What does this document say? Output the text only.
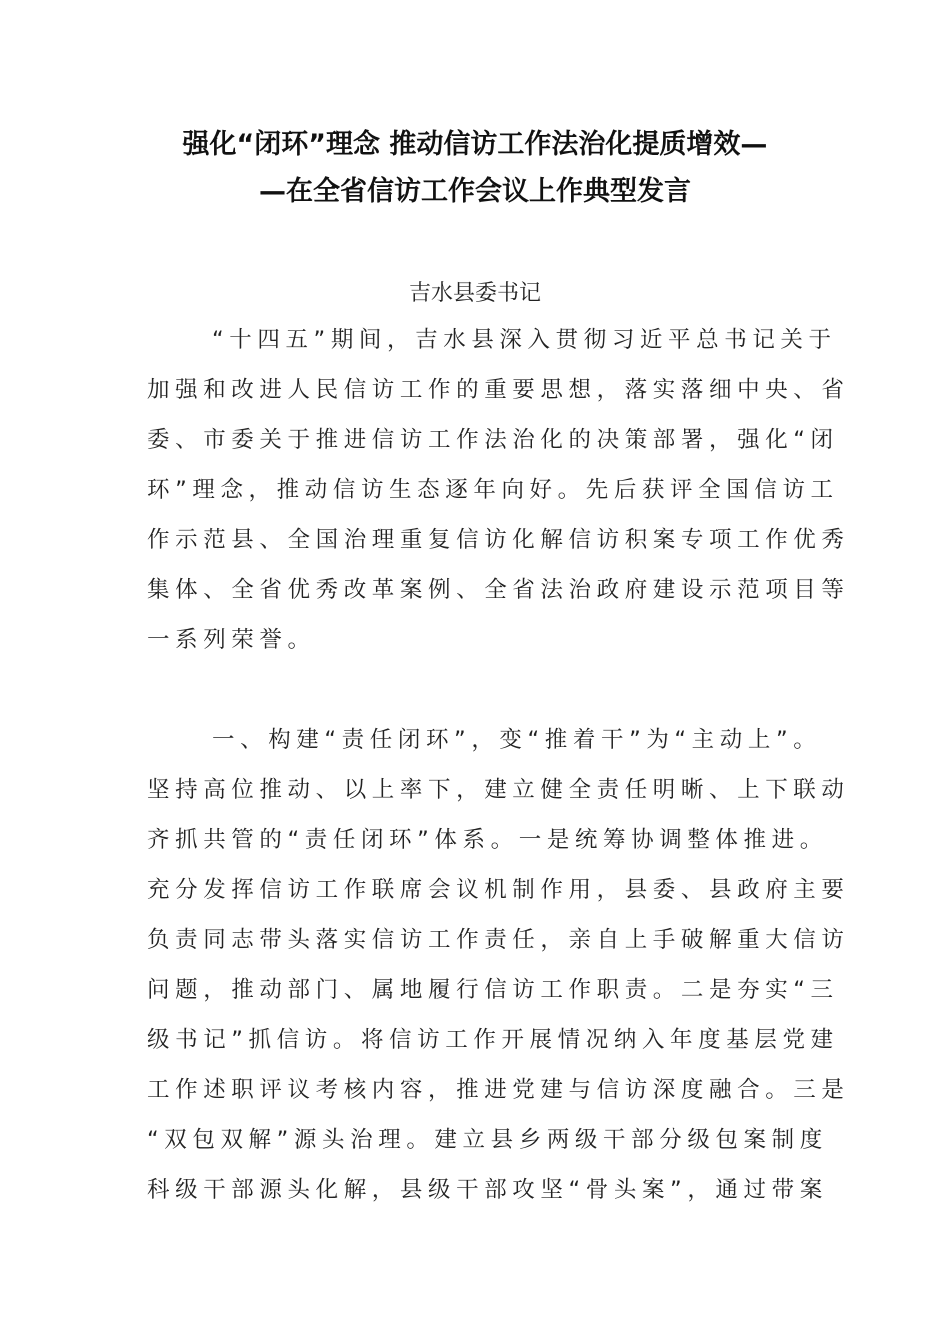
强化“闭环”理念 推动信访工作法治化提质增效—
—在全省信访工作会议上作典型发言
吉水县委书记
“十四五”期间，吉水县深入贯彻习近平总书记关于
加强和改进人民信访工作的重要思想，落实落细中央、省
委、市委关于推进信访工作法治化的决策部署，强化“闭
环”理念，推动信访生态逐年向好。先后获评全国信访工
作示范县、全国治理重复信访化解信访积案专项工作优秀
集体、全省优秀改革案例、全省法治政府建设示范项目等
一系列荣誉。
一、构建“责任闭环”，变“推着干”为“主动上”。
坚持高位推动、以上率下，建立健全责任明晰、上下联动
齐抓共管的“责任闭环”体系。一是统筹协调整体推进。
充分发挥信访工作联席会议机制作用，县委、县政府主要
负责同志带头落实信访工作责任，亲自上手破解重大信访
问题，推动部门、属地履行信访工作职责。二是夯实“三
级书记”抓信访。将信访工作开展情况纳入年度基层党建
工作述职评议考核内容，推进党建与信访深度融合。三是
“双包双解”源头治理。建立县乡两级干部分级包案制度
科级干部源头化解，县级干部攻坚“骨头案”，通过带案
